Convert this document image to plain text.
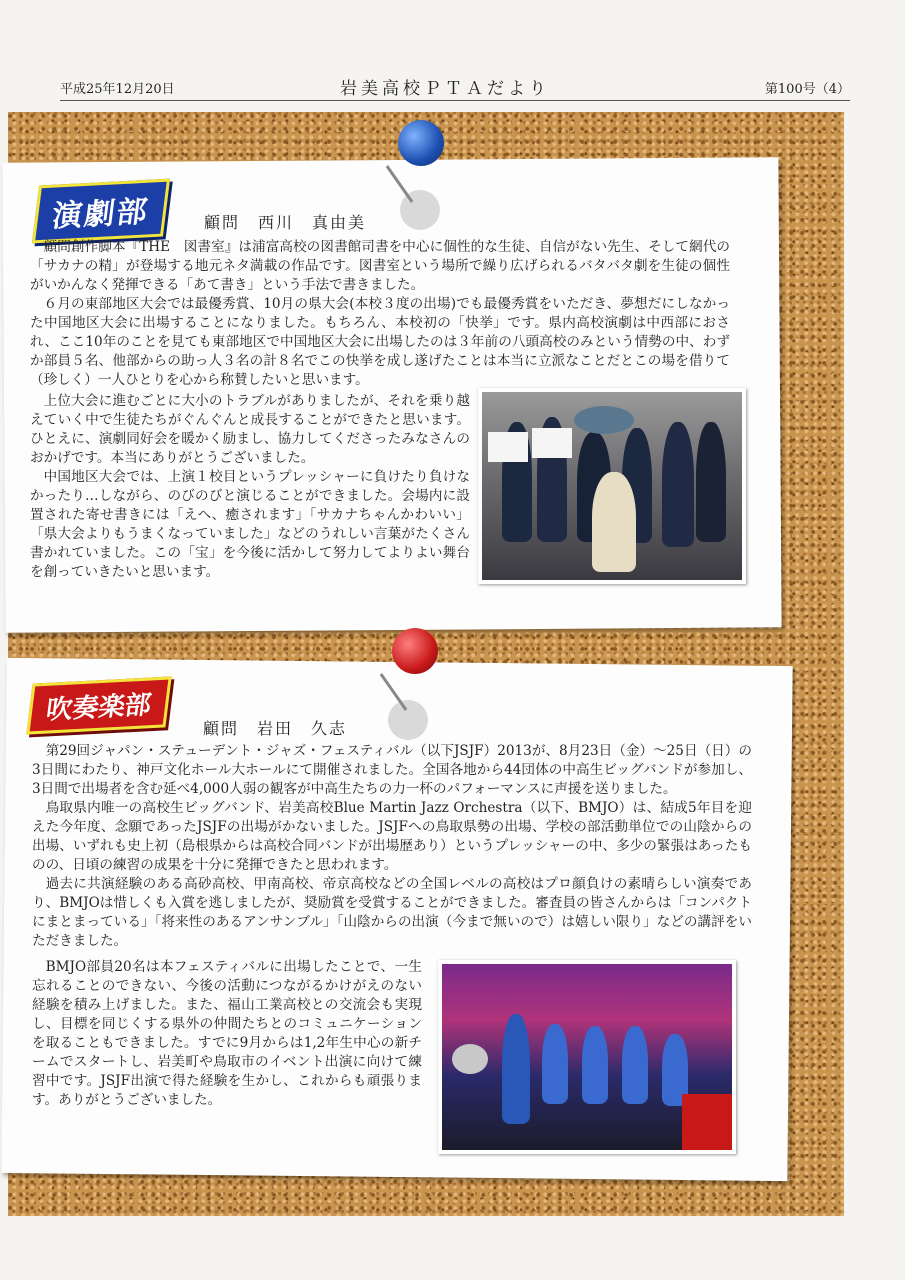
平成25年12月20日	岩美高校ＰＴＡだより	第100号（4）
演劇部	顧問　西川　真由美

顧問創作脚本『THE　図書室』は浦富高校の図書館司書を中心に個性的な生徒、自信がない先生、そして網代の「サカナの精」が登場する地元ネタ満載の作品です。図書室という場所で繰り広げられるバタバタ劇を生徒の個性がいかんなく発揮できる「あて書き」という手法で書きました。

６月の東部地区大会では最優秀賞、10月の県大会(本校３度の出場)でも最優秀賞をいただき、夢想だにしなかった中国地区大会に出場することになりました。もちろん、本校初の「快挙」です。県内高校演劇は中西部におされ、ここ10年のことを見ても東部地区で中国地区大会に出場したのは３年前の八頭高校のみという情勢の中、わずか部員５名、他部からの助っ人３名の計８名でこの快挙を成し遂げたことは本当に立派なことだとこの場を借りて（珍しく）一人ひとりを心から称賛したいと思います。

上位大会に進むごとに大小のトラブルがありましたが、それを乗り越えていく中で生徒たちがぐんぐんと成長することができたと思います。ひとえに、演劇同好会を暖かく励まし、協力してくださったみなさんのおかげです。本当にありがとうございました。

中国地区大会では、上演１校目というプレッシャーに負けたり負けなかったり…しながら、のびのびと演じることができました。会場内に設置された寄せ書きには「えへ、癒されます」「サカナちゃんかわいい」「県大会よりもうまくなっていました」などのうれしい言葉がたくさん書かれていました。この「宝」を今後に活かして努力してよりよい舞台を創っていきたいと思います。

吹奏楽部
顧問　岩田　久志

第29回ジャパン・ステューデント・ジャズ・フェスティバル（以下JSJF）2013が、8月23日（金）～25日（日）の3日間にわたり、神戸文化ホール大ホールにて開催されました。全国各地から44団体の中高生ビッグバンドが参加し、3日間で出場者を含む延べ4,000人弱の観客が中高生たちの力一杯のパフォーマンスに声援を送りました。

鳥取県内唯一の高校生ビッグバンド、岩美高校Blue Martin Jazz Orchestra（以下、BMJO）は、結成5年目を迎えた今年度、念願であったJSJFの出場がかないました。JSJFへの鳥取県勢の出場、学校の部活動単位での山陰からの出場、いずれも史上初（島根県からは高校合同バンドが出場歴あり）というプレッシャーの中、多少の緊張はあったものの、日頃の練習の成果を十分に発揮できたと思われます。

過去に共演経験のある高砂高校、甲南高校、帝京高校などの全国レベルの高校はプロ顔負けの素晴らしい演奏であり、BMJOは惜しくも入賞を逃しましたが、奨励賞を受賞することができました。審査員の皆さんからは「コンパクトにまとまっている」「将来性のあるアンサンブル」「山陰からの出演（今まで無いので）は嬉しい限り」などの講評をいただきました。

BMJO部員20名は本フェスティバルに出場したことで、一生忘れることのできない、今後の活動につながるかけがえのない経験を積み上げました。また、福山工業高校との交流会も実現し、目標を同じくする県外の仲間たちとのコミュニケーションを取ることもできました。すでに9月からは1,2年生中心の新チームでスタートし、岩美町や鳥取市のイベント出演に向けて練習中です。JSJF出演で得た経験を生かし、これからも頑張ります。ありがとうございました。
